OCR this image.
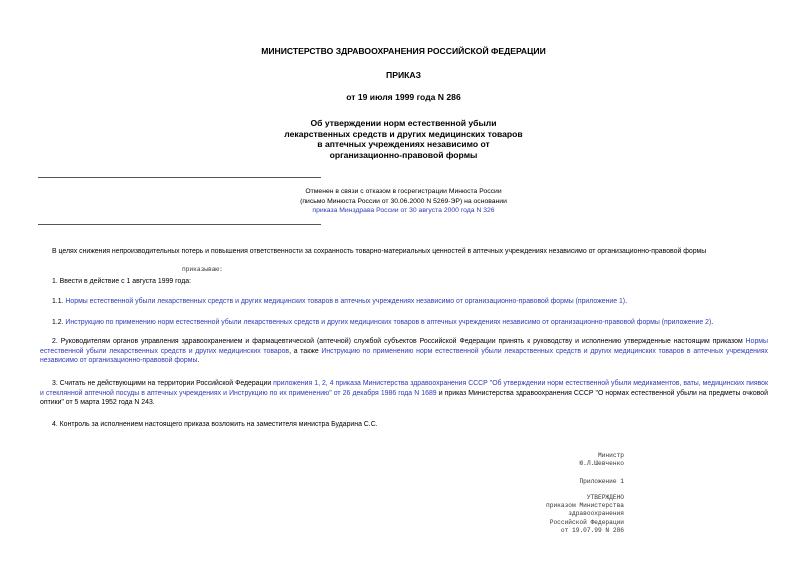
МИНИСТЕРСТВО ЗДРАВООХРАНЕНИЯ РОССИЙСКОЙ ФЕДЕРАЦИИ
ПРИКАЗ
от 19 июля 1999 года N 286
Об утверждении норм естественной убыли
лекарственных средств и других медицинских товаров
в аптечных учреждениях независимо от
организационно-правовой формы
Отменен в связи с отказом в госрегистрации Минюста России
(письмо Минюста России от 30.06.2000 N 5269-ЭР) на основании
приказа Минздрава России от 30 августа 2000 года N 326
В целях снижения непроизводительных потерь и повышения ответственности за сохранность товарно-материальных ценностей в аптечных учреждениях независимо от организационно-правовой формы
приказываю:
1. Ввести в действие с 1 августа 1999 года:
1.1. Нормы естественной убыли лекарственных средств и других медицинских товаров в аптечных учреждениях независимо от организационно-правовой формы (приложение 1).
1.2. Инструкцию по применению норм естественной убыли лекарственных средств и других медицинских товаров в аптечных учреждениях независимо от организационно-правовой формы (приложение 2).
2. Руководителям органов управления здравоохранением и фармацевтической (аптечной) службой субъектов Российской Федерации принять к руководству и исполнению утвержденные настоящим приказом Нормы естественной убыли лекарственных средств и других медицинских товаров, а также Инструкцию по применению норм естественной убыли лекарственных средств и других медицинских товаров в аптечных учреждениях независимо от организационно-правовой формы.
3. Считать не действующими на территории Российской Федерации приложения 1, 2, 4 приказа Министерства здравоохранения СССР "Об утверждении норм естественной убыли медикаментов, ваты, медицинских пиявок и стеклянной аптечной посуды в аптечных учреждениях и Инструкцию по их применению" от 26 декабря 1986 года N 1689 и приказ Министерства здравоохранения СССР "О нормах естественной убыли на предметы очковой оптики" от 5 марта 1952 года N 243.
4. Контроль за исполнением настоящего приказа возложить на заместителя министра Бударина С.С.
Министр
Ю.Л.Шевченко
Приложение 1
УТВЕРЖДЕНО
приказом Министерства
здравоохранения
Российской Федерации
от 19.07.99 N 286
